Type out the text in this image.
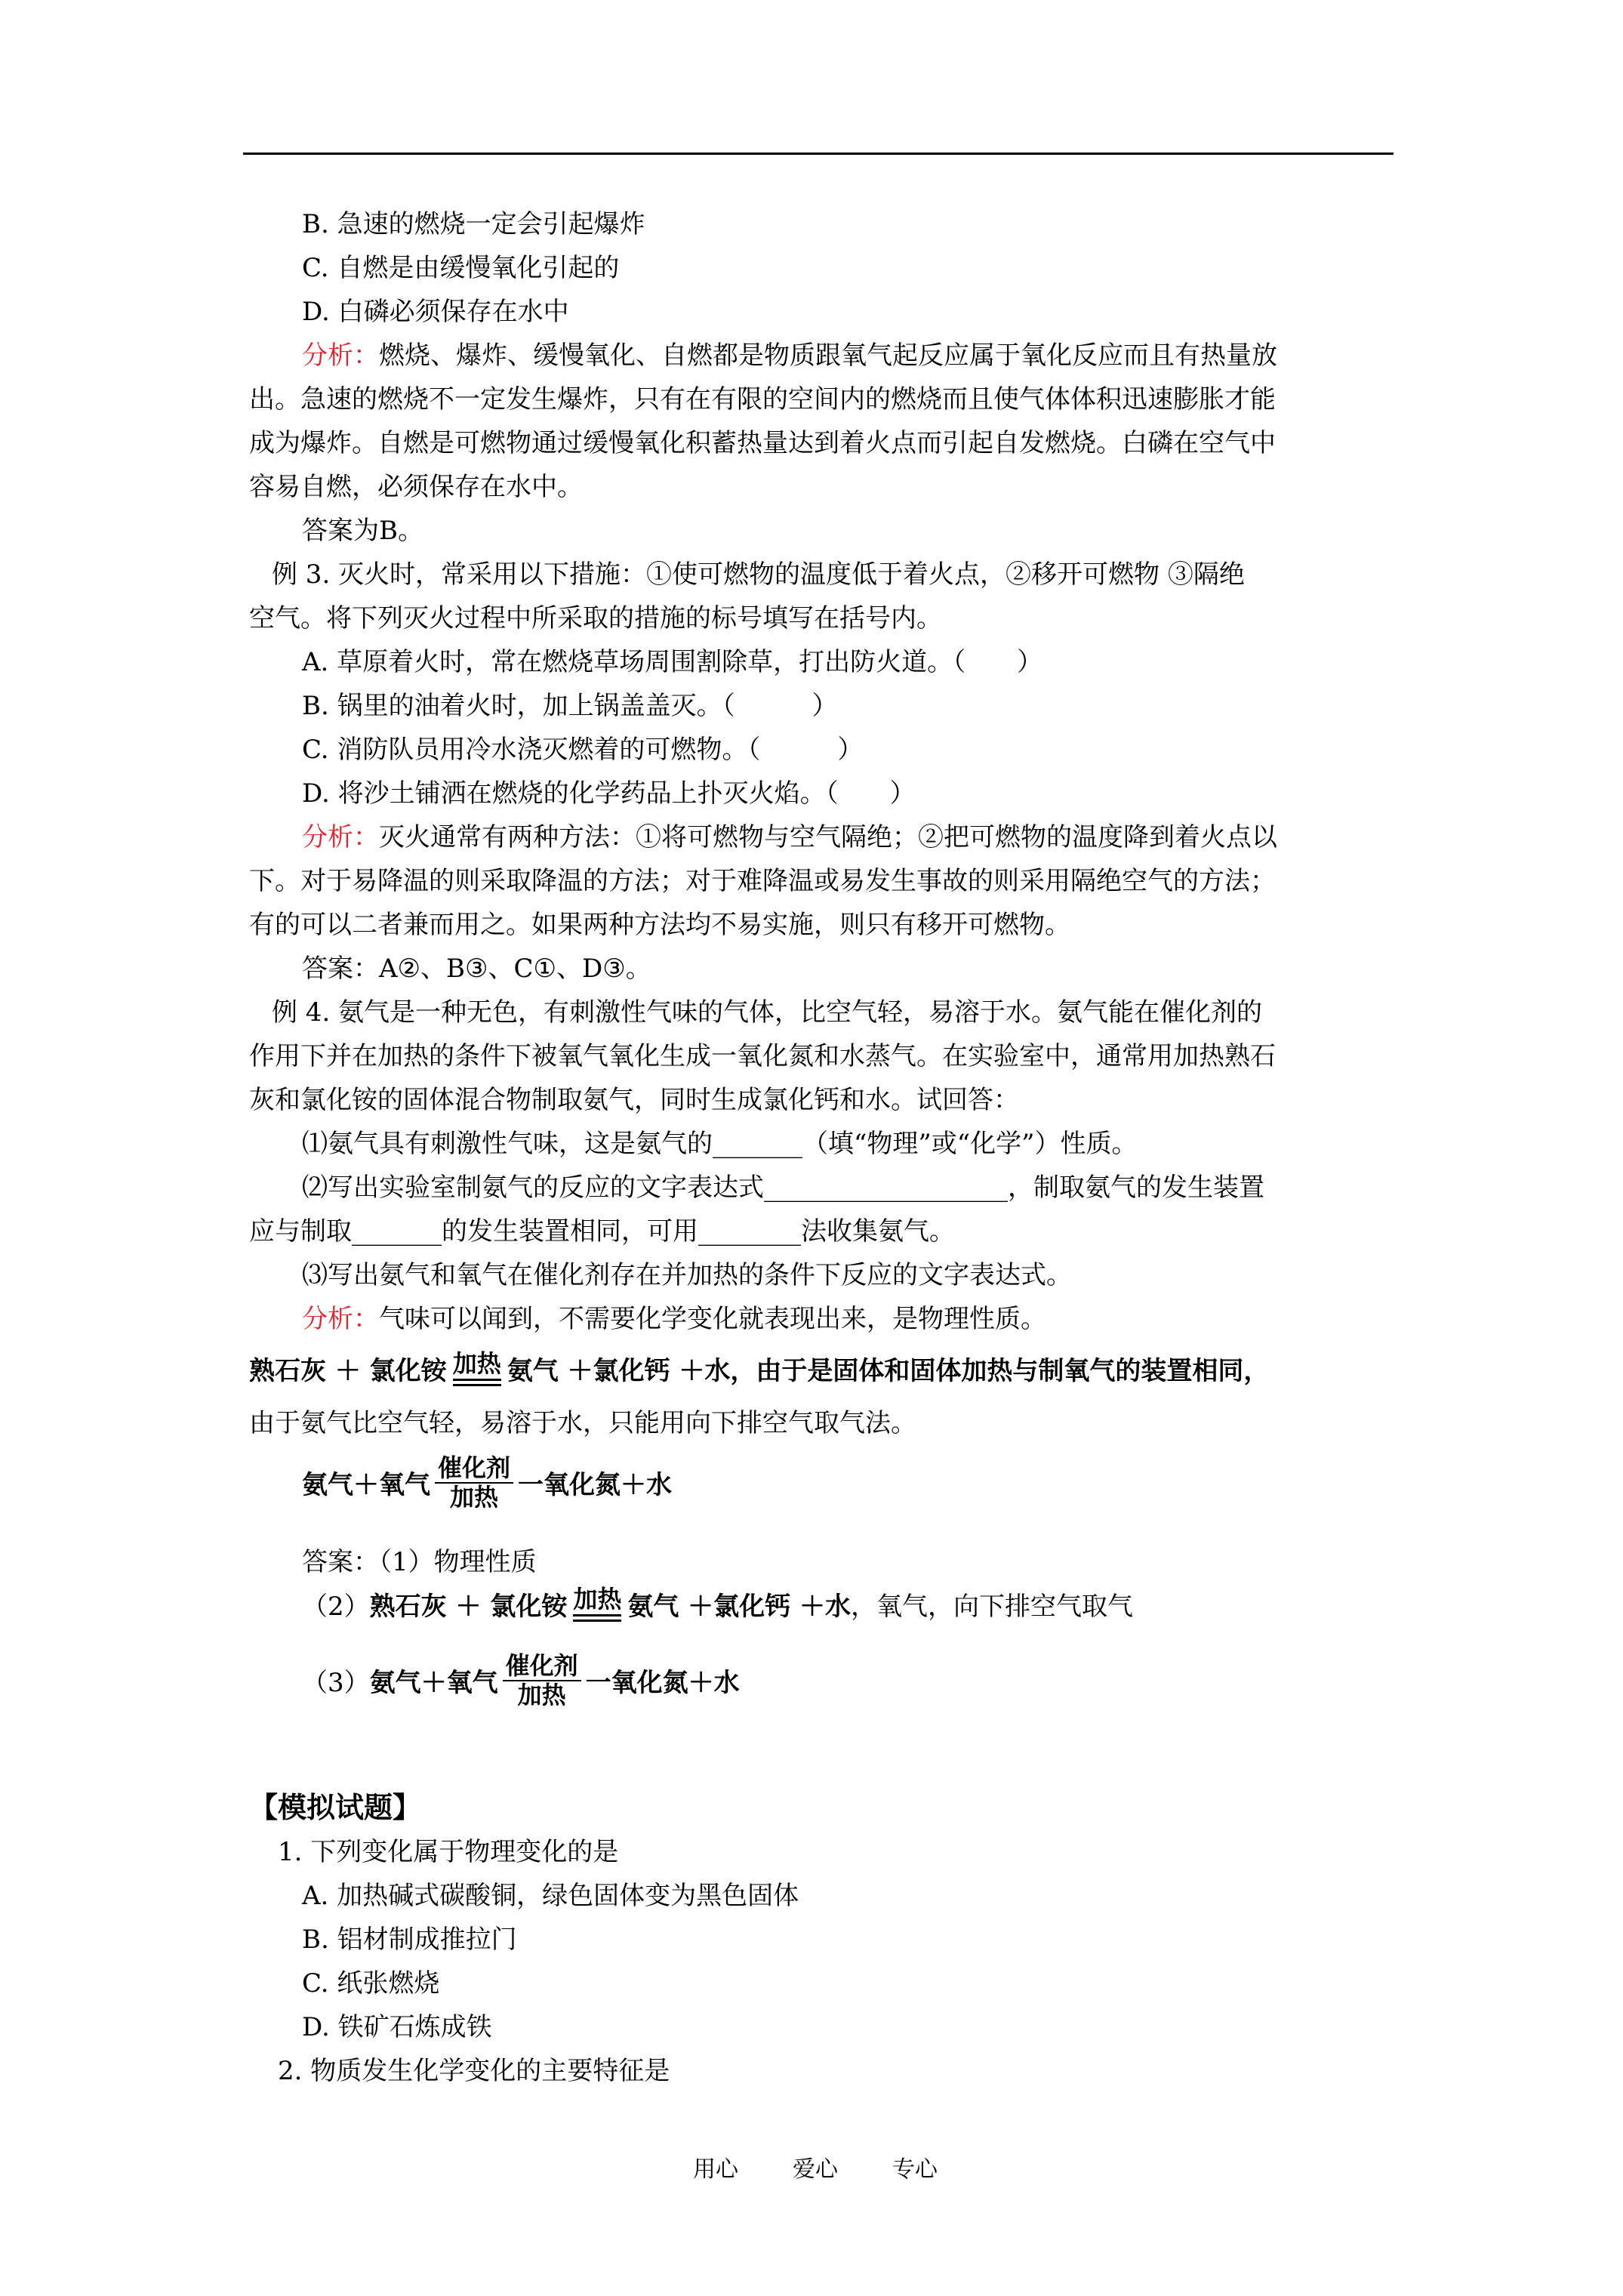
B. 急速的燃烧一定会引起爆炸
C. 自燃是由缓慢氧化引起的
D. 白磷必须保存在水中
分析：燃烧、爆炸、缓慢氧化、自燃都是物质跟氧气起反应属于氧化反应而且有热量放
出。急速的燃烧不一定发生爆炸，只有在有限的空间内的燃烧而且使气体体积迅速膨胀才能
成为爆炸。自燃是可燃物通过缓慢氧化积蓄热量达到着火点而引起自发燃烧。白磷在空气中
容易自燃，必须保存在水中。
答案为B。
例 3. 灭火时，常采用以下措施：①使可燃物的温度低于着火点，②移开可燃物 ③隔绝
空气。将下列灭火过程中所采取的措施的标号填写在括号内。
A. 草原着火时，常在燃烧草场周围割除草，打出防火道。（　　）
B. 锅里的油着火时，加上锅盖盖灭。（　　　）
C. 消防队员用冷水浇灭燃着的可燃物。（　　　）
D. 将沙土铺洒在燃烧的化学药品上扑灭火焰。（　　）
分析：灭火通常有两种方法：①将可燃物与空气隔绝；②把可燃物的温度降到着火点以
下。对于易降温的则采取降温的方法；对于难降温或易发生事故的则采用隔绝空气的方法；
有的可以二者兼而用之。如果两种方法均不易实施，则只有移开可燃物。
答案：A②、B③、C①、D③。
例 4. 氨气是一种无色，有刺激性气味的气体，比空气轻，易溶于水。氨气能在催化剂的
作用下并在加热的条件下被氧气氧化生成一氧化氮和水蒸气。在实验室中，通常用加热熟石
灰和氯化铵的固体混合物制取氨气，同时生成氯化钙和水。试回答：
⑴氨气具有刺激性气味，这是氨气的_______（填“物理”或“化学”）性质。
⑵写出实验室制氨气的反应的文字表达式___________________，制取氨气的发生装置
应与制取_______的发生装置相同，可用________法收集氨气。
⑶写出氨气和氧气在催化剂存在并加热的条件下反应的文字表达式。
分析：气味可以闻到，不需要化学变化就表现出来，是物理性质。
熟石灰 ＋ 氯化铵 加热 氨气 ＋氯化钙 ＋水，由于是固体和固体加热与制氧气的装置相同，
由于氨气比空气轻，易溶于水，只能用向下排空气取气法。
氨气＋氧气 $\frac{\text{催化剂}}{\text{加热}}$ 一氧化氮＋水
答案：（1）物理性质
（2） 熟石灰 ＋ 氯化铵 加热 氨气 ＋氯化钙 ＋水 ，氧气，向下排空气取气
（3） 氨气＋氧气 $\frac{\text{催化剂}}{\text{加热}}$ 一氧化氮＋水
【模拟试题】
1. 下列变化属于物理变化的是
A. 加热碱式碳酸铜，绿色固体变为黑色固体
B. 铝材制成推拉门
C. 纸张燃烧
D. 铁矿石炼成铁
2. 物质发生化学变化的主要特征是
用心 爱心 专心
